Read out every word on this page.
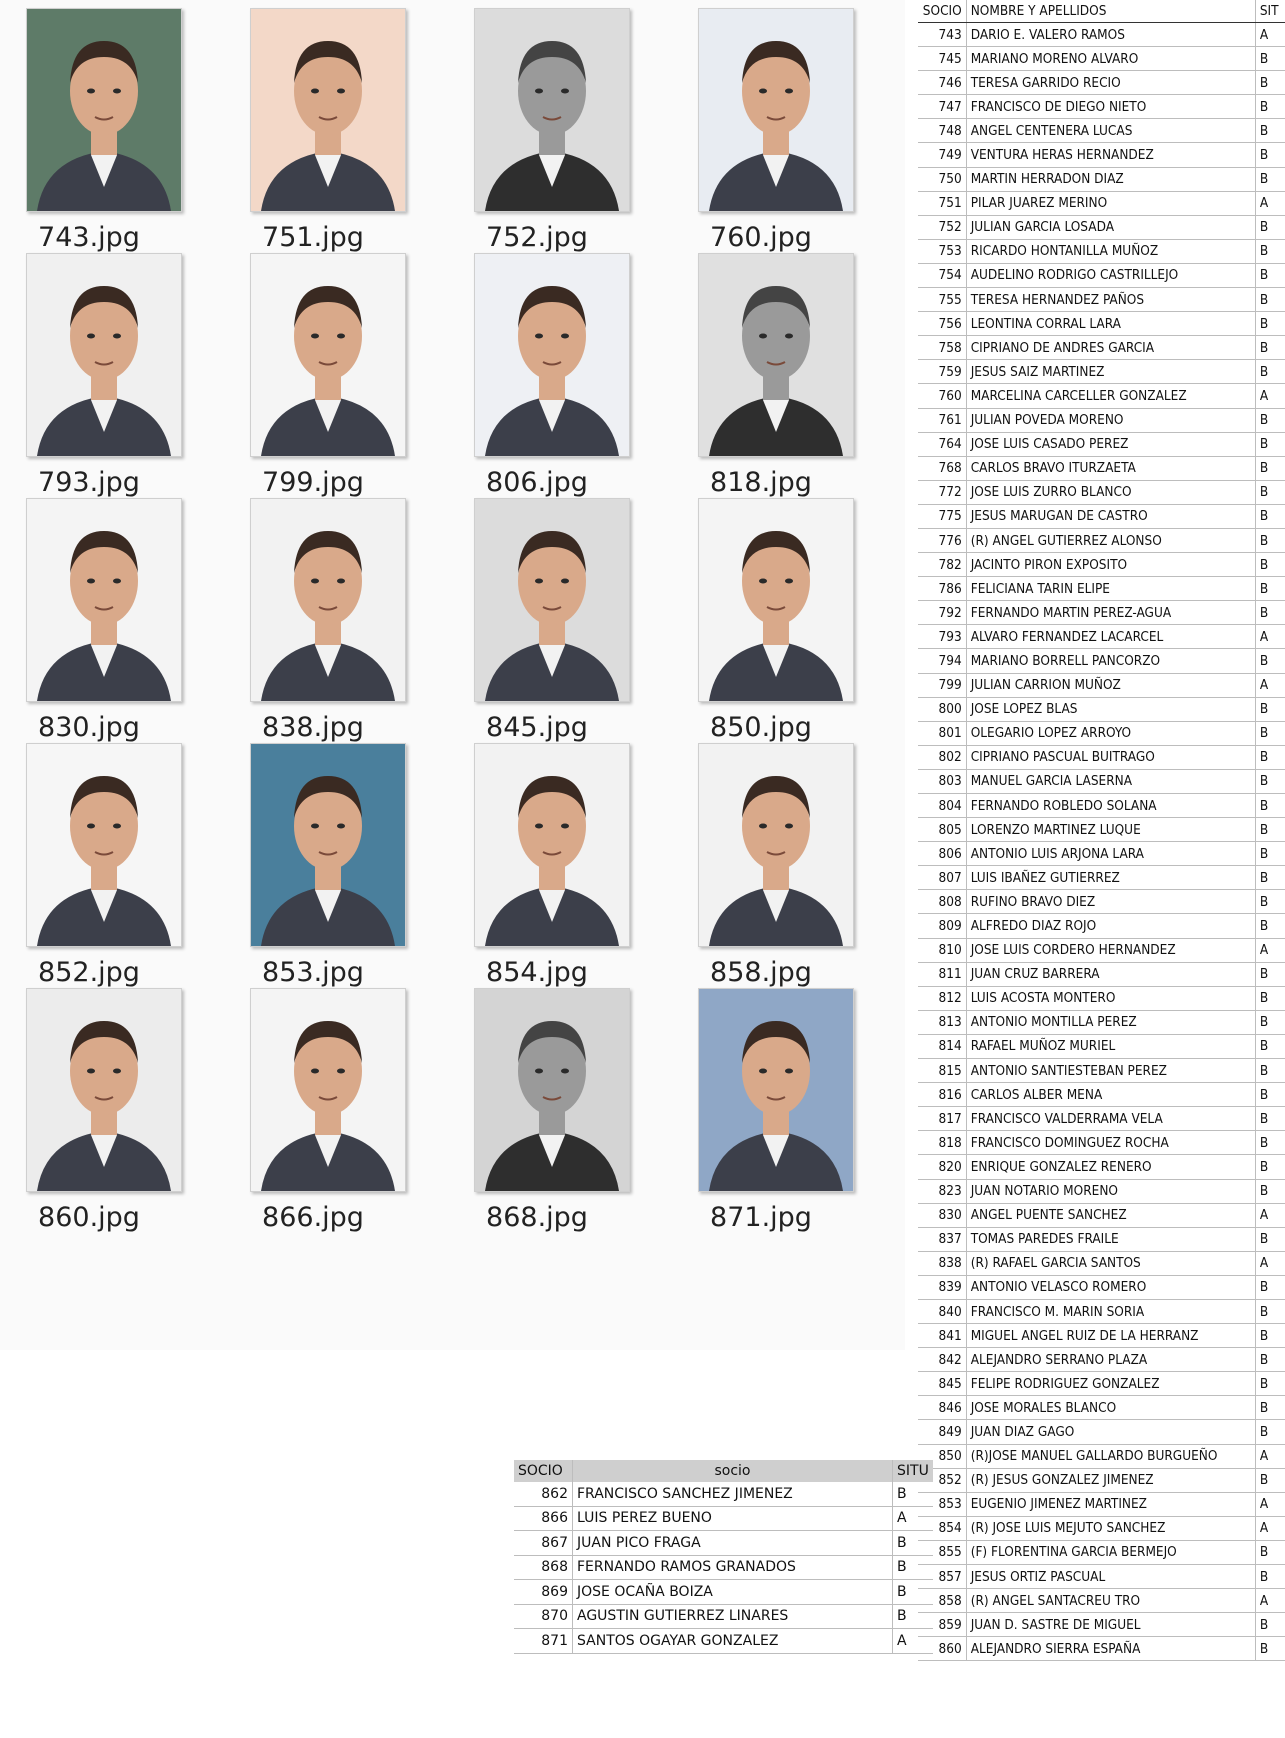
743.jpg	751.jpg	752.jpg	760.jpg
793.jpg	799.jpg	806.jpg	818.jpg
830.jpg	838.jpg	845.jpg	850.jpg
852.jpg	853.jpg	854.jpg	858.jpg
860.jpg	866.jpg	868.jpg	871.jpg
SOCIO	NOMBRE Y APELLIDOS	SIT
743	DARIO E. VALERO RAMOS	A
745	MARIANO MORENO ALVARO	B
746	TERESA GARRIDO RECIO	B
747	FRANCISCO DE DIEGO NIETO	B
748	ANGEL CENTENERA LUCAS	B
749	VENTURA HERAS HERNANDEZ	B
750	MARTIN HERRADON DIAZ	B
751	PILAR JUAREZ MERINO	A
752	JULIAN GARCIA LOSADA	B
753	RICARDO HONTANILLA MUÑOZ	B
754	AUDELINO RODRIGO CASTRILLEJO	B
755	TERESA HERNANDEZ PAÑOS	B
756	LEONTINA CORRAL LARA	B
758	CIPRIANO DE ANDRES GARCIA	B
759	JESUS SAIZ MARTINEZ	B
760	MARCELINA CARCELLER GONZALEZ	A
761	JULIAN POVEDA MORENO	B
764	JOSE LUIS CASADO PEREZ	B
768	CARLOS BRAVO ITURZAETA	B
772	JOSE LUIS ZURRO BLANCO	B
775	JESUS MARUGAN DE CASTRO	B
776	(R) ANGEL GUTIERREZ ALONSO	B
782	JACINTO PIRON EXPOSITO	B
786	FELICIANA TARIN ELIPE	B
792	FERNANDO MARTIN PEREZ-AGUA	B
793	ALVARO FERNANDEZ LACARCEL	A
794	MARIANO BORRELL PANCORZO	B
799	JULIAN CARRION MUÑOZ	A
800	JOSE LOPEZ BLAS	B
801	OLEGARIO LOPEZ ARROYO	B
802	CIPRIANO PASCUAL BUITRAGO	B
803	MANUEL GARCIA LASERNA	B
804	FERNANDO ROBLEDO SOLANA	B
805	LORENZO MARTINEZ LUQUE	B
806	ANTONIO LUIS ARJONA LARA	B
807	LUIS IBAÑEZ GUTIERREZ	B
808	RUFINO BRAVO DIEZ	B
809	ALFREDO DIAZ ROJO	B
810	JOSE LUIS CORDERO HERNANDEZ	A
811	JUAN CRUZ BARRERA	B
812	LUIS ACOSTA MONTERO	B
813	ANTONIO MONTILLA PEREZ	B
814	RAFAEL MUÑOZ MURIEL	B
815	ANTONIO SANTIESTEBAN PEREZ	B
816	CARLOS ALBER MENA	B
817	FRANCISCO VALDERRAMA VELA	B
818	FRANCISCO DOMINGUEZ ROCHA	B
820	ENRIQUE GONZALEZ RENERO	B
823	JUAN NOTARIO MORENO	B
830	ANGEL PUENTE SANCHEZ	A
837	TOMAS PAREDES FRAILE	B
838	(R) RAFAEL GARCIA SANTOS	A
839	ANTONIO VELASCO ROMERO	B
840	FRANCISCO M. MARIN SORIA	B
841	MIGUEL ANGEL RUIZ DE LA HERRANZ	B
842	ALEJANDRO SERRANO PLAZA	B
845	FELIPE RODRIGUEZ GONZALEZ	B
846	JOSE MORALES BLANCO	B
849	JUAN DIAZ GAGO	B
850	(R)JOSE MANUEL GALLARDO BURGUEÑO	A
852	(R) JESUS GONZALEZ JIMENEZ	B
853	EUGENIO JIMENEZ MARTINEZ	A
854	(R) JOSE LUIS MEJUTO SANCHEZ	A
855	(F) FLORENTINA GARCIA BERMEJO	B
857	JESUS ORTIZ PASCUAL	B
858	(R) ANGEL SANTACREU TRO	A
859	JUAN D. SASTRE DE MIGUEL	B
860	ALEJANDRO SIERRA ESPAÑA	B
SOCIO	socio	SITU
862	FRANCISCO SANCHEZ JIMENEZ	B
866	LUIS PEREZ BUENO	A
867	JUAN PICO FRAGA	B
868	FERNANDO RAMOS GRANADOS	B
869	JOSE OCAÑA BOIZA	B
870	AGUSTIN GUTIERREZ LINARES	B
871	SANTOS OGAYAR GONZALEZ	A
